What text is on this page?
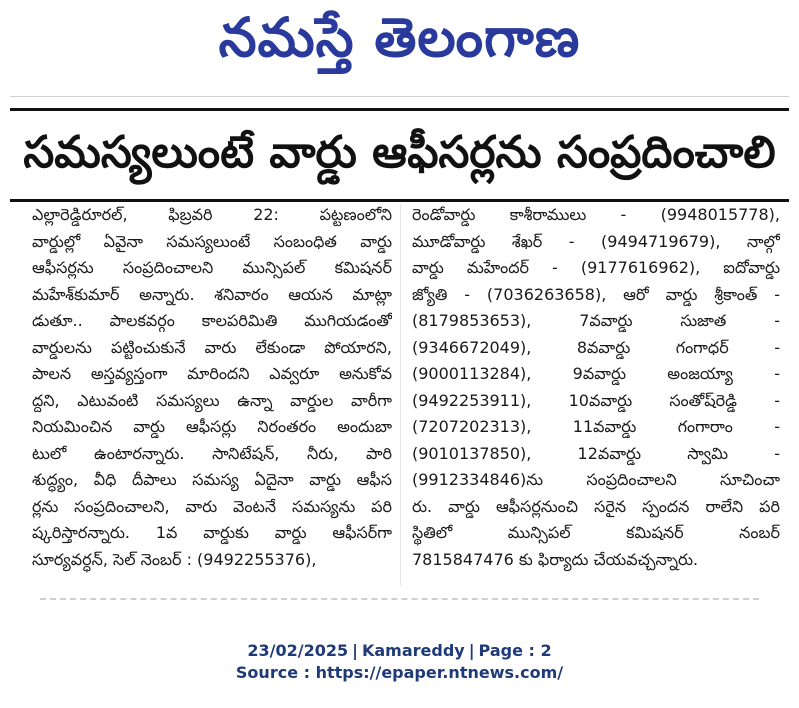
నమస్తే తెలంగాణ
సమస్యలుంటే వార్డు ఆఫీసర్లను సంప్రదించాలి
ఎల్లారెడ్డిరూరల్, ఫిబ్రవరి 22: పట్టణంలోని
వార్డుల్లో ఏవైనా సమస్యలుంటే సంబంధిత వార్డు
ఆఫీసర్లను సంప్రదించాలని మున్సిపల్ కమిషనర్
మహేశ్‌కుమార్ అన్నారు. శనివారం ఆయన మాట్లా
డుతూ.. పాలకవర్గం కాలపరిమితి ముగియడంతో
వార్డులను పట్టించుకునే వారు లేకుండా పోయారని,
పాలన అస్తవ్యస్తంగా మారిందని ఎవ్వరూ అనుకోవ
ద్దని, ఎటువంటి సమస్యలు ఉన్నా వార్డుల వారీగా
నియమించిన వార్డు ఆఫీసర్లు నిరంతరం అందుబా
టులో ఉంటారన్నారు. సానిటేషన్, నీరు, పారి
శుద్ధ్యం, వీధి దీపాలు సమస్య ఏదైనా వార్డు ఆఫీస
ర్లను సంప్రదించాలని, వారు వెంటనే సమస్యను పరి
ష్కరిస్తారన్నారు. 1వ వార్డుకు వార్డు ఆఫీసర్‌గా
సూర్యవర్ధన్, సెల్ నెంబర్ : (9492255376),
రెండోవార్డు కాశీరాములు - (9948015778),
మూడోవార్డు శేఖర్ - (9494719679), నాల్గో
వార్డు మహేందర్ - (9177616962), ఐదోవార్డు
జ్యోతి - (7036263658), ఆరో వార్డు శ్రీకాంత్ -
(8179853653), 7వవార్డు సుజాత -
(9346672049), 8వవార్డు గంగాధర్ -
(9000113284), 9వవార్డు అంజయ్యా -
(9492253911), 10వవార్డు సంతోష్‌రెడ్డి -
(7207202313), 11వవార్డు గంగారాం -
(9010137850), 12వవార్డు స్వామి -
(9912334846)ను సంప్రదించాలని సూచించా
రు. వార్డు ఆఫీసర్లనుంచి సరైన స్పందన రాలేని పరి
స్థితిలో మున్సిపల్ కమిషనర్ నంబర్
7815847476 కు ఫిర్యాదు చేయవచ్చన్నారు.
23/02/2025 | Kamareddy | Page : 2
Source : https://epaper.ntnews.com/
